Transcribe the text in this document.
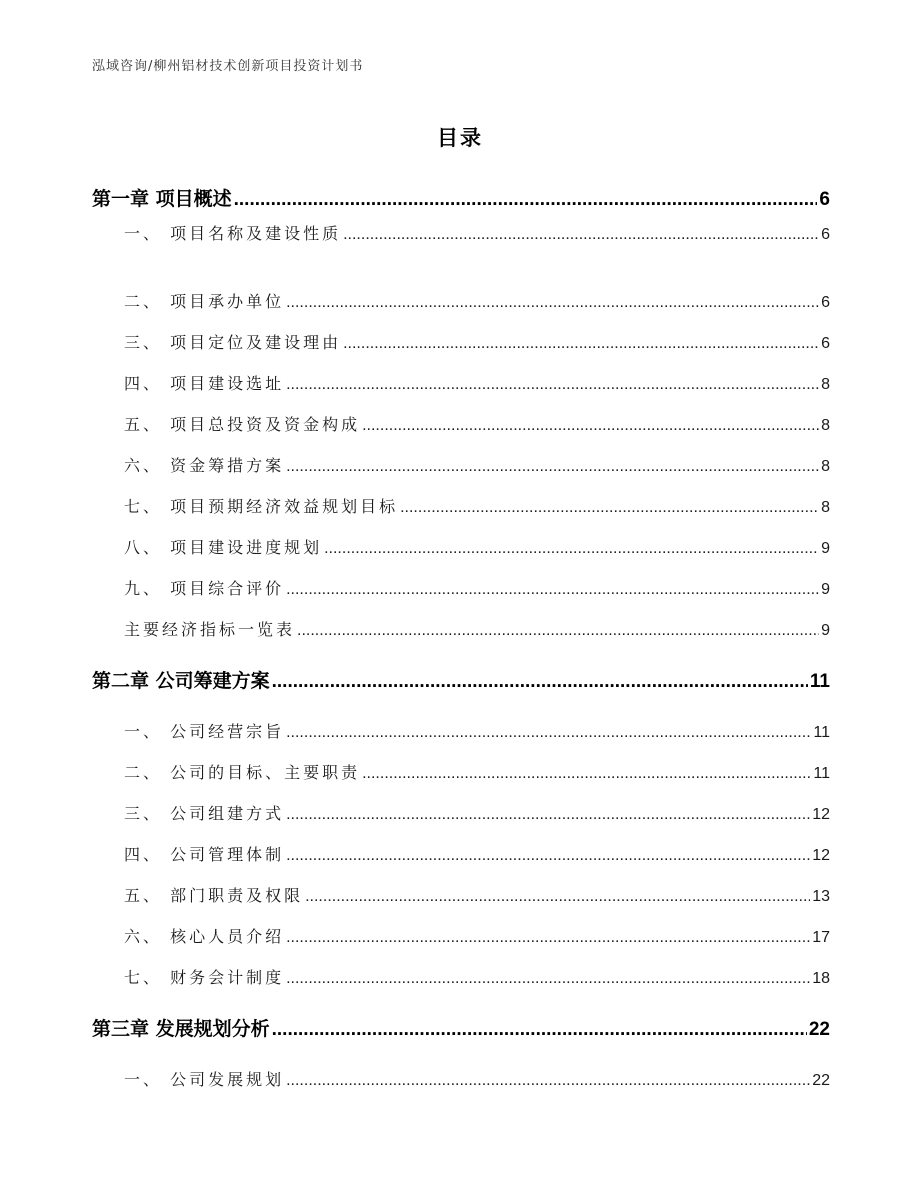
泓域咨询/柳州铝材技术创新项目投资计划书
目录
第一章 项目概述 .....	6
一、 项目名称及建设性质 .....	6
二、 项目承办单位 .....	6
三、 项目定位及建设理由 .....	6
四、 项目建设选址 .....	8
五、 项目总投资及资金构成 .....	8
六、 资金筹措方案 .....	8
七、 项目预期经济效益规划目标 .....	8
八、 项目建设进度规划 .....	9
九、 项目综合评价 .....	9
主要经济指标一览表 .....	9
第二章 公司筹建方案 .....	11
一、 公司经营宗旨 .....	11
二、 公司的目标、主要职责 .....	11
三、 公司组建方式 .....	12
四、 公司管理体制 .....	12
五、 部门职责及权限 .....	13
六、 核心人员介绍 .....	17
七、 财务会计制度 .....	18
第三章 发展规划分析 .....	22
一、 公司发展规划 .....	22
